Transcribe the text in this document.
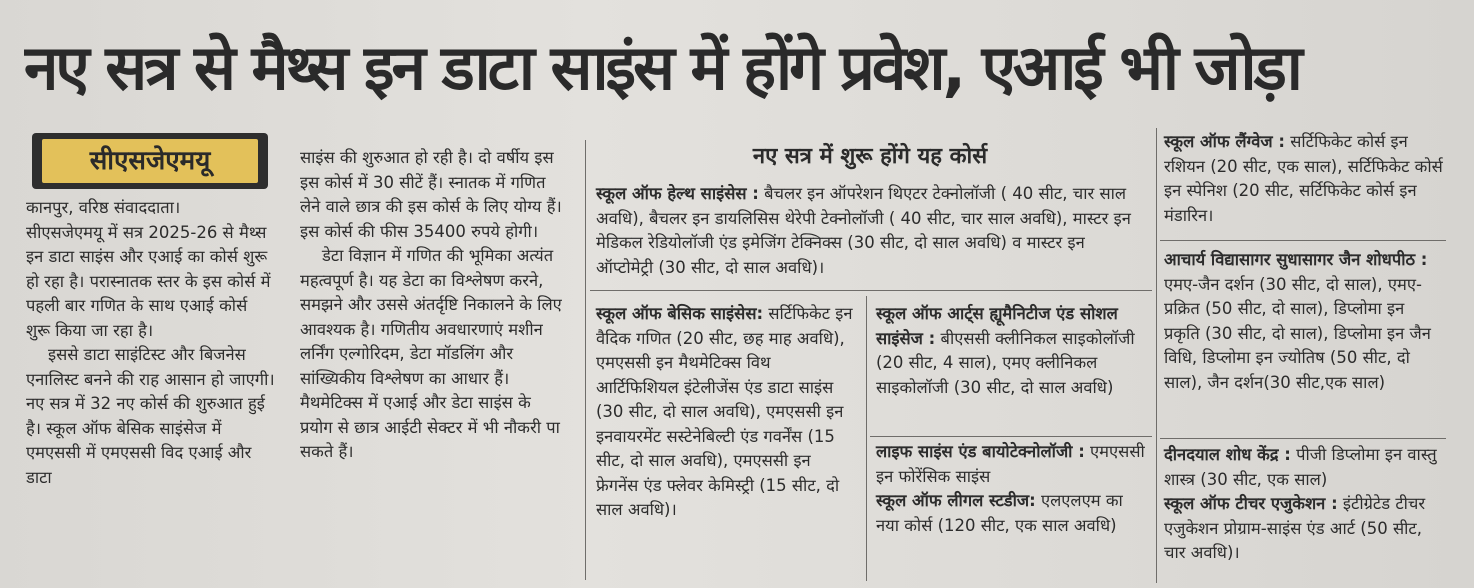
नए सत्र से मैथ्स इन डाटा साइंस में होंगे प्रवेश, एआई भी जोड़ा
सीएसजेएमयू

कानपुर, वरिष्ठ संवाददाता।

सीएसजेएमयू में सत्र 2025-26 से मैथ्स इन डाटा साइंस और एआई का कोर्स शुरू हो रहा है। परास्नातक स्तर के इस कोर्स में पहली बार गणित के साथ एआई कोर्स शुरू किया जा रहा है।

इससे डाटा साइंटिस्ट और बिजनेस एनालिस्ट बनने की राह आसान हो जाएगी। नए सत्र में 32 नए कोर्स की शुरुआत हुई है। स्कूल ऑफ बेसिक साइंसेज में एमएससी में एमएससी विद एआई और डाटा

साइंस की शुरुआत हो रही है। दो वर्षीय इस इस कोर्स में 30 सीटें हैं। स्नातक में गणित लेने वाले छात्र की इस कोर्स के लिए योग्य हैं। इस कोर्स की फीस 35400 रुपये होगी।

डेटा विज्ञान में गणित की भूमिका अत्यंत महत्वपूर्ण है। यह डेटा का विश्लेषण करने, समझने और उससे अंतर्दृष्टि निकालने के लिए आवश्यक है। गणितीय अवधारणाएं मशीन लर्निंग एल्गोरिदम, डेटा मॉडलिंग और सांख्यिकीय विश्लेषण का आधार हैं। मैथमेटिक्स में एआई और डेटा साइंस के प्रयोग से छात्र आईटी सेक्टर में भी नौकरी पा सकते हैं।

नए सत्र में शुरू होंगे यह कोर्स
स्कूल ऑफ हेल्थ साइंसेस : बैचलर इन ऑपरेशन थिएटर टेक्नोलॉजी ( 40 सीट, चार साल अवधि), बैचलर इन डायलिसिस थेरेपी टेक्नोलॉजी ( 40 सीट, चार साल अवधि), मास्टर इन मेडिकल रेडियोलॉजी एंड इमेजिंग टेक्निक्स (30 सीट, दो साल अवधि) व मास्टर इन ऑप्टोमेट्री (30 सीट, दो साल अवधि)।
स्कूल ऑफ बेसिक साइंसेस: सर्टिफिकेट इन वैदिक गणित (20 सीट, छह माह अवधि), एमएससी इन मैथमेटिक्स विथ आर्टिफिशियल इंटेलीजेंस एंड डाटा साइंस (30 सीट, दो साल अवधि), एमएससी इन इनवायरमेंट सस्टेनेबिल्टी एंड गवर्नेंस (15 सीट, दो साल अवधि), एमएससी इन फ्रेगनेंस एंड फ्लेवर केमिस्ट्री (15 सीट, दो साल अवधि)।
स्कूल ऑफ आर्ट्स ह्यूमैनिटीज एंड सोशल साइंसेज : बीएससी क्लीनिकल साइकोलॉजी (20 सीट, 4 साल), एमए क्लीनिकल साइकोलॉजी (30 सीट, दो साल अवधि)

लाइफ साइंस एंड बायोटेक्नोलॉजी : एमएससी इन फोरेंसिक साइंस

स्कूल ऑफ लीगल स्टडीज: एलएलएम का नया कोर्स (120 सीट, एक साल अवधि)

स्कूल ऑफ लैंग्वेज : सर्टिफिकेट कोर्स इन रशियन (20 सीट, एक साल), सर्टिफिकेट कोर्स इन स्पेनिश (20 सीट, सर्टिफिकेट कोर्स इन मंडारिन।
आचार्य विद्यासागर सुधासागर जैन शोधपीठ : एमए-जैन दर्शन (30 सीट, दो साल), एमए-प्रक्रित (50 सीट, दो साल), डिप्लोमा इन प्रकृति (30 सीट, दो साल), डिप्लोमा इन जैन विधि, डिप्लोमा इन ज्योतिष (50 सीट, दो साल), जैन दर्शन(30 सीट,एक साल)

दीनदयाल शोध केंद्र : पीजी डिप्लोमा इन वास्तु शास्त्र (30 सीट, एक साल)

स्कूल ऑफ टीचर एजुकेशन : इंटीग्रेटेड टीचर एजुकेशन प्रोग्राम-साइंस एंड आर्ट (50 सीट, चार अवधि)।
